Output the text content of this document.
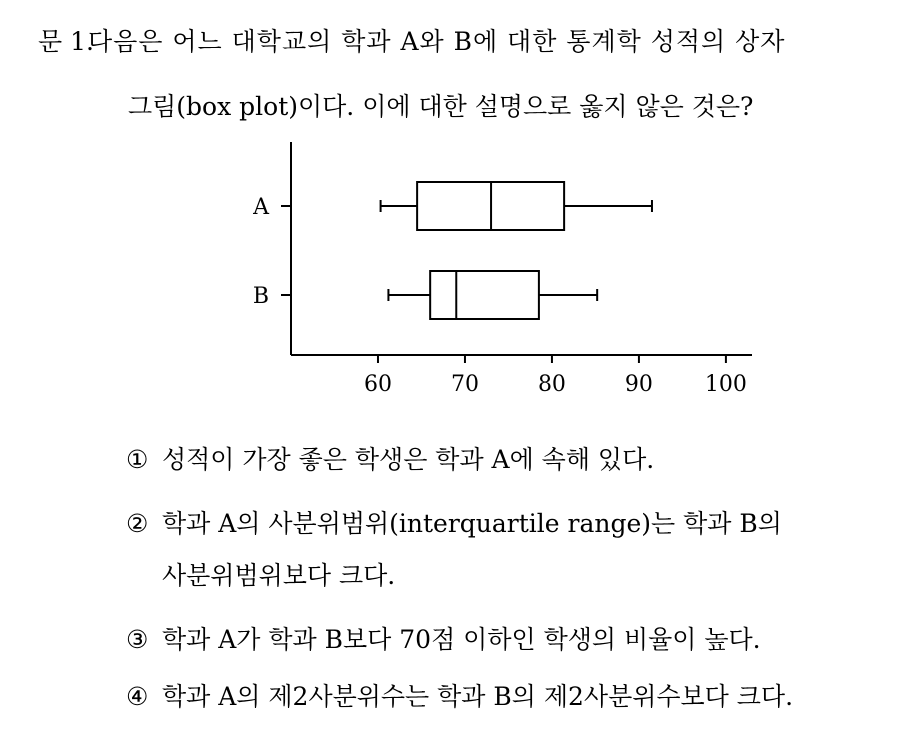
문 1.
다음은 어느 대학교의 학과 A와 B에 대한 통계학 성적의 상자
그림(box plot)이다. 이에 대한 설명으로 옳지 않은 것은?
A
B
60	70	80	90 100
① 성적이 가장 좋은 학생은 학과 A에 속해 있다.
② 학과 A의 사분위범위(interquartile range)는 학과 B의
사분위범위보다 크다.
③ 학과 A가 학과 B보다 70점 이하인 학생의 비율이 높다.
④ 학과 A의 제2사분위수는 학과 B의 제2사분위수보다 크다.
